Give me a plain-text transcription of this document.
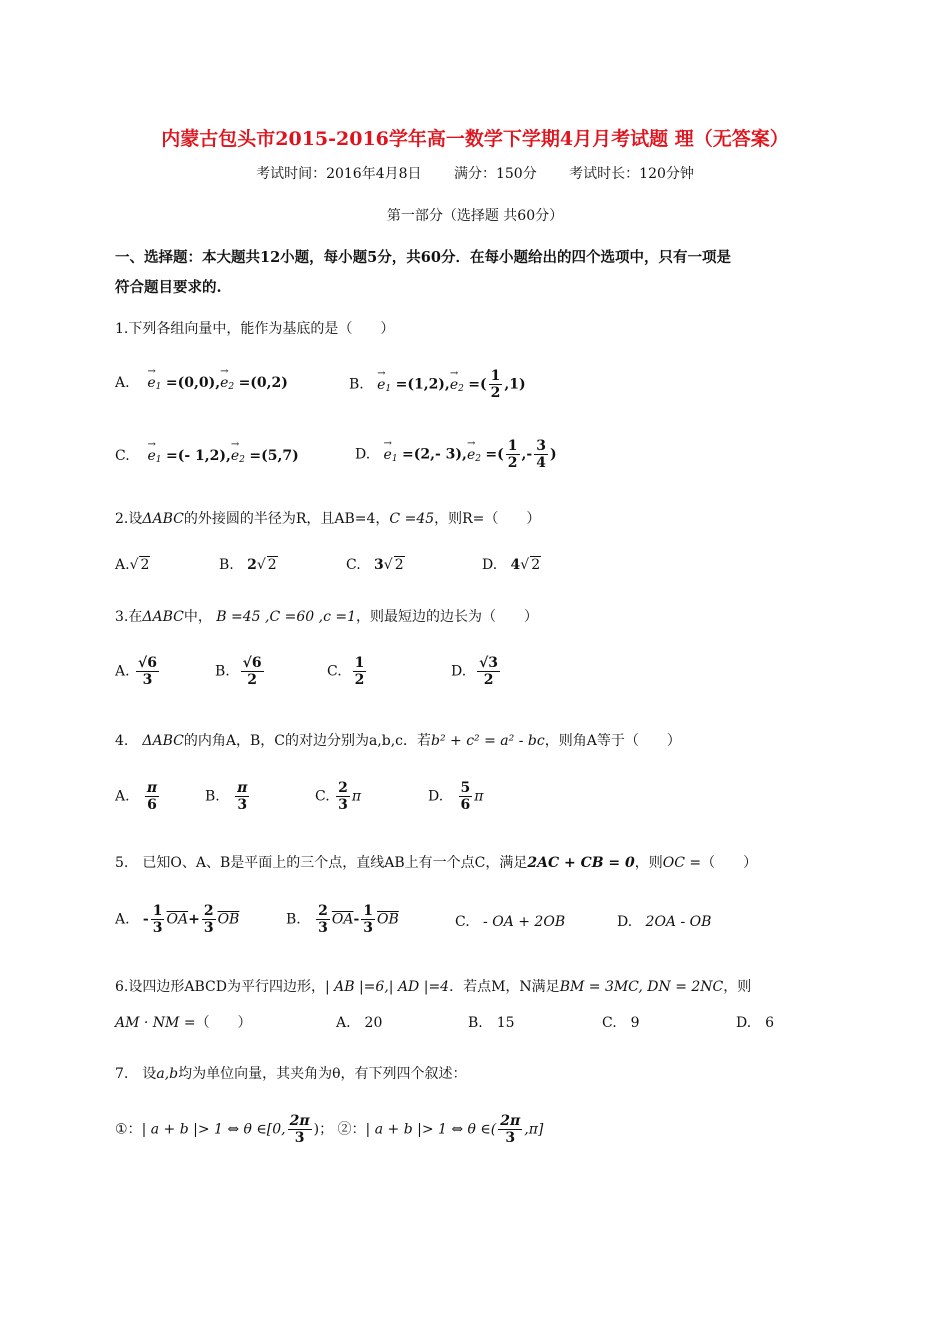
内蒙古包头市2015-2016学年高一数学下学期4月月考试题 理（无答案）
考试时间：2016年4月8日 满分：150分 考试时长：120分钟
第一部分（选择题 共60分）
一、选择题：本大题共12小题，每小题5分，共60分．在每小题给出的四个选项中，只有一项是
符合题目要求的.
1.下列各组向量中，能作为基底的是（　　）
A. → e1 =(0,0),→ e2 =(0,2)	B. → e1 =(1,2),→ e2 =( $\frac{1}{2} ,1$)
C. → e1 =(- 1,2),→ e2 =(5,7)	D. → e1 =(2,- 3),→ e2 =( $\frac{1}{2}$ ,- $\frac{3}{4}$ )
2.设ΔABC的外接圆的半径为R，且AB=4，C =45，则R=（　　）
A.√ 2	B. 2√ 2	C. 3√ 2	D. 4√ 2
3.在ΔABC中， B =45 ,C =60 ,c =1，则最短边的边长为（　　）
A. $\frac{√6}{3}$	B. $\frac{√6}{2}$	C. $\frac{1}{2}$	D. $\frac{√3}{2}$
4.　ΔABC的内角A，B，C的对边分别为a,b,c．若b² + c² = a² - bc，则角A等于（　　）
A. $\frac{\pi}{6}$	B. $\frac{\pi}{3}$	C. $\frac{2}{3}$ π	D. $\frac{5}{6}$ π
5.　已知O、A、B是平面上的三个点，直线AB上有一个点C，满足2AC + CB = 0，则OC =（　　）
A. - $\frac{1}{3} \overline{OA}+ \frac{2}{3} \overline{OB}$	B. $\frac{2}{3} \overline{OA}- \frac{1}{3} \overline{OB}$	C. - OA + 2OB	D. 2OA - OB
6.设四边形ABCD为平行四边形，| AB |=6,| AD |=4．若点M，N满足BM = 3MC, DN = 2NC，则
AM · NM =（　　）	A.　20	B.　15	C.　9	D.　6
7.　设a,b均为单位向量，其夹角为θ，有下列四个叙述：
①：| a + b |> 1 ⇔ θ ∈[0, $\frac{2\pi}{3}$ )； ②：| a + b |> 1 ⇔ θ ∈( $\frac{2\pi}{3} ,\pi$]
